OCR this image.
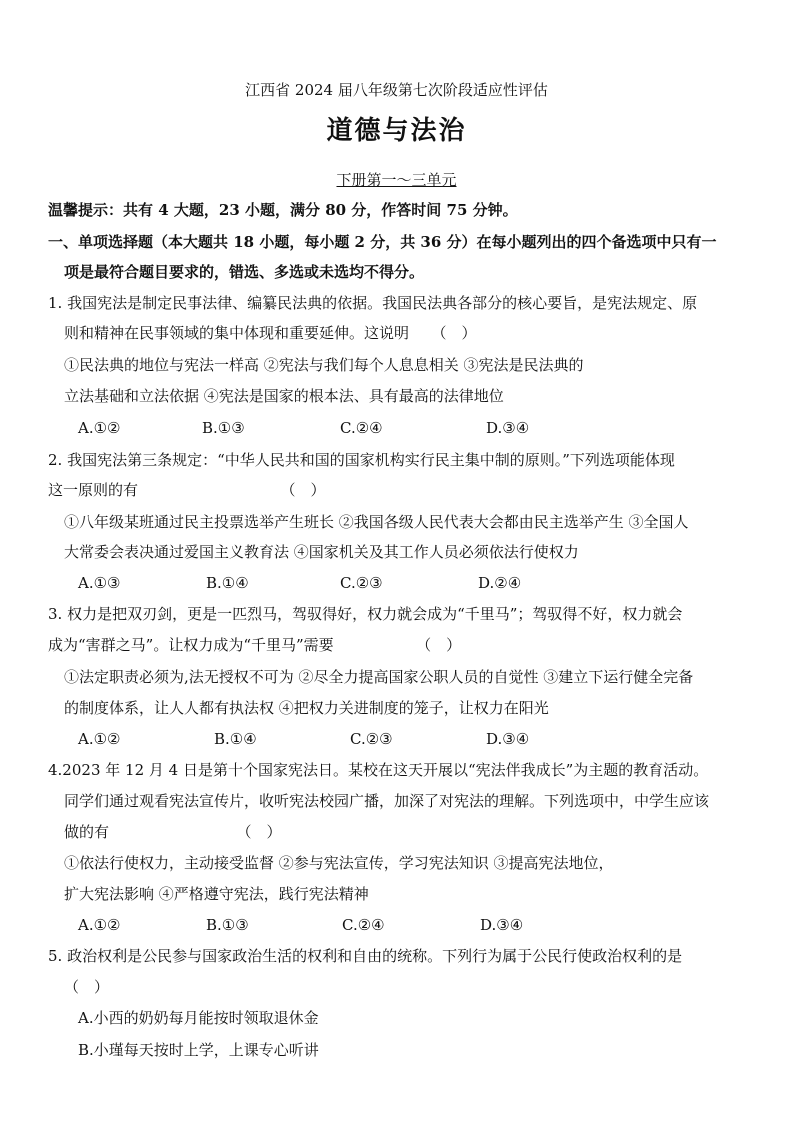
江西省 2024 届八年级第七次阶段适应性评估
道德与法治
下册第一～三单元
温馨提示：共有 4 大题，23 小题，满分 80 分，作答时间 75 分钟。
一、单项选择题（本大题共 18 小题，每小题 2 分，共 36 分）在每小题列出的四个备选项中只有一
项是最符合题目要求的，错选、多选或未选均不得分。
1. 我国宪法是制定民事法律、编纂民法典的依据。我国民法典各部分的核心要旨，是宪法规定、原
则和精神在民事领域的集中体现和重要延伸。这说明　　（　）
①民法典的地位与宪法一样高 ②宪法与我们每个人息息相关 ③宪法是民法典的
立法基础和立法依据 ④宪法是国家的根本法、具有最高的法律地位
A.①②	B.①③	C.②④	D.③④
2. 我国宪法第三条规定：“中华人民共和国的国家机构实行民主集中制的原则。”下列选项能体现
这一原则的有　　　　　　　　　　（　）
①八年级某班通过民主投票选举产生班长 ②我国各级人民代表大会都由民主选举产生 ③全国人
大常委会表决通过爱国主义教育法 ④国家机关及其工作人员必须依法行使权力
A.①③	B.①④	C.②③	D.②④
3. 权力是把双刃剑，更是一匹烈马，驾驭得好，权力就会成为“千里马”；驾驭得不好，权力就会
成为“害群之马”。让权力成为“千里马”需要　　　　　　（　）
①法定职责必须为,法无授权不可为 ②尽全力提高国家公职人员的自觉性 ③建立下运行健全完备
的制度体系，让人人都有执法权 ④把权力关进制度的笼子，让权力在阳光
A.①②	B.①④	C.②③	D.③④
4.2023 年 12 月 4 日是第十个国家宪法日。某校在这天开展以“宪法伴我成长”为主题的教育活动。
同学们通过观看宪法宣传片，收听宪法校园广播，加深了对宪法的理解。下列选项中，中学生应该
做的有　　　　　　　　　（　）
①依法行使权力，主动接受监督 ②参与宪法宣传，学习宪法知识 ③提高宪法地位，
扩大宪法影响 ④严格遵守宪法，践行宪法精神
A.①②	B.①③	C.②④	D.③④
5. 政治权利是公民参与国家政治生活的权利和自由的统称。下列行为属于公民行使政治权利的是
（　）
A.小西的奶奶每月能按时领取退休金
B.小瑾每天按时上学，上课专心听讲
